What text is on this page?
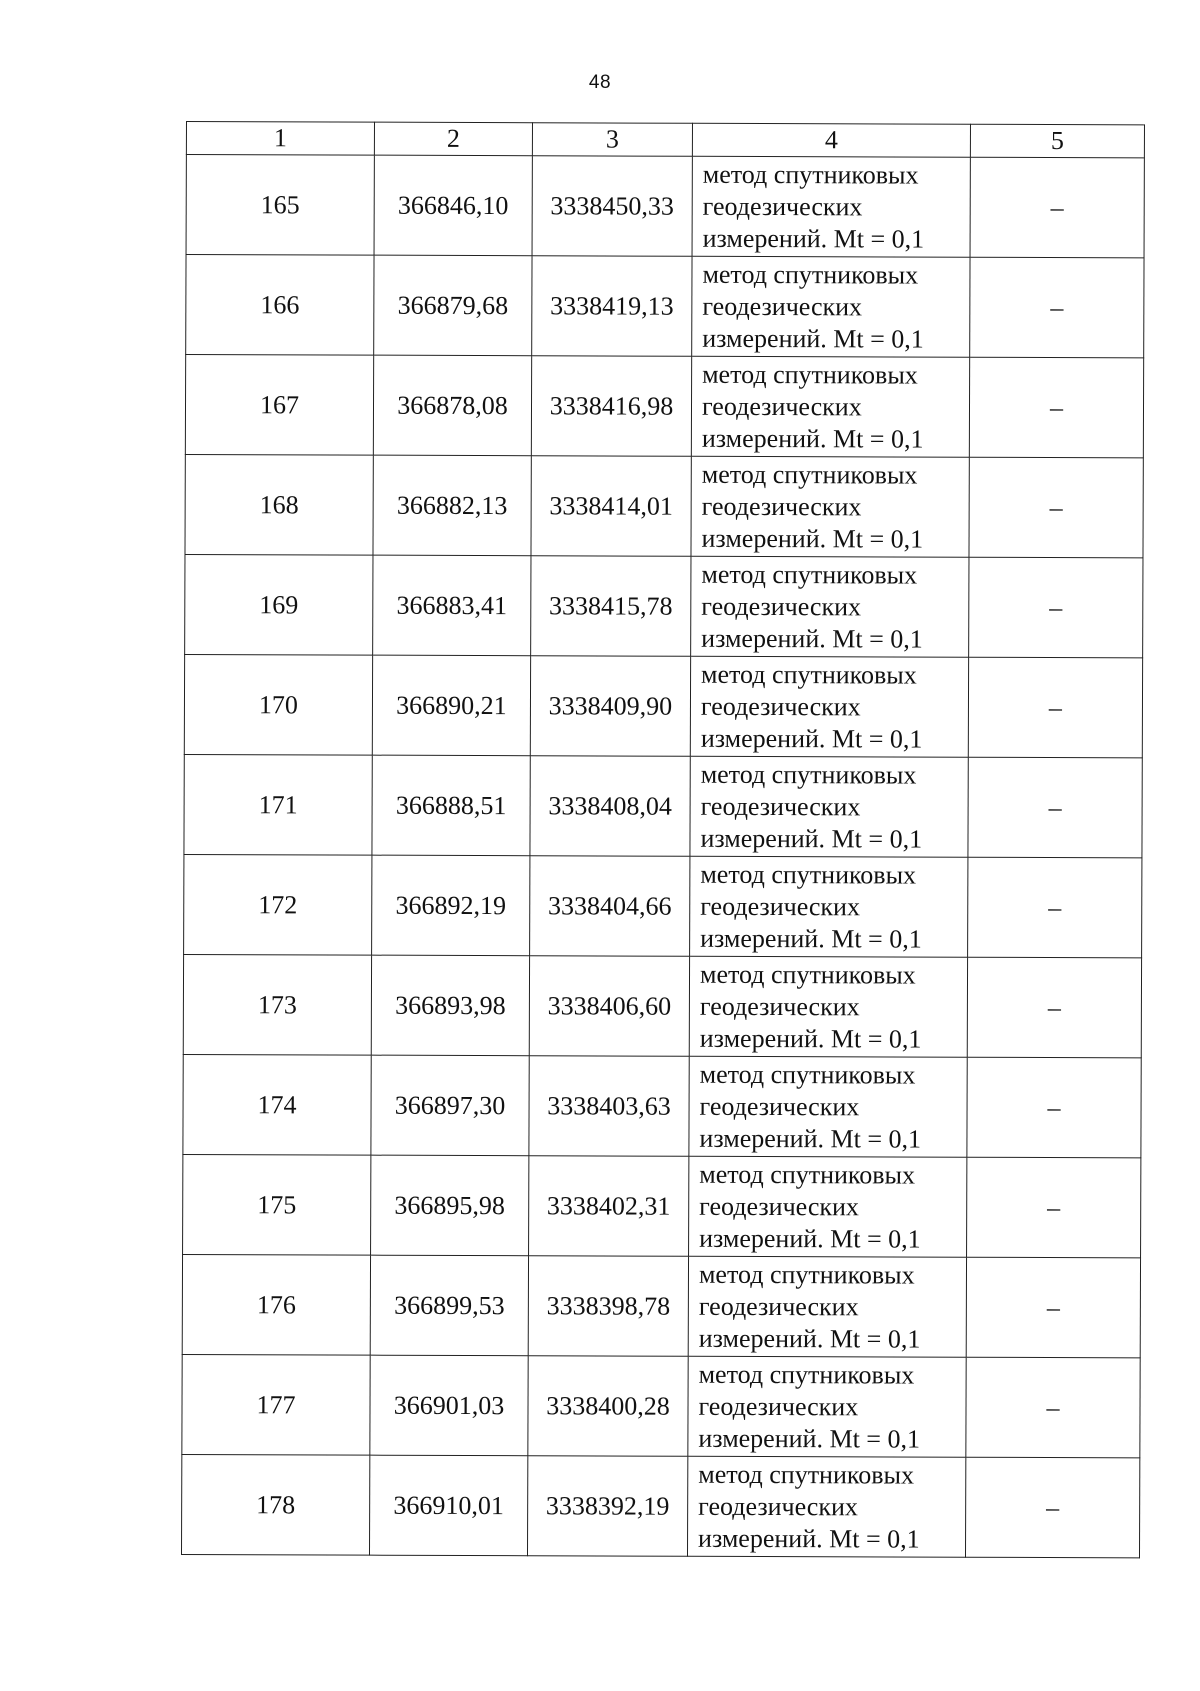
48
1	2	3	4	5
165	366846,10	3338450,33	метод спутниковых
геодезических
измерений. Mt = 0,1	–
166	366879,68	3338419,13	метод спутниковых
геодезических
измерений. Mt = 0,1	–
167	366878,08	3338416,98	метод спутниковых
геодезических
измерений. Mt = 0,1	–
168	366882,13	3338414,01	метод спутниковых
геодезических
измерений. Mt = 0,1	–
169	366883,41	3338415,78	метод спутниковых
геодезических
измерений. Mt = 0,1	–
170	366890,21	3338409,90	метод спутниковых
геодезических
измерений. Mt = 0,1	–
171	366888,51	3338408,04	метод спутниковых
геодезических
измерений. Mt = 0,1	–
172	366892,19	3338404,66	метод спутниковых
геодезических
измерений. Mt = 0,1	–
173	366893,98	3338406,60	метод спутниковых
геодезических
измерений. Mt = 0,1	–
174	366897,30	3338403,63	метод спутниковых
геодезических
измерений. Mt = 0,1	–
175	366895,98	3338402,31	метод спутниковых
геодезических
измерений. Mt = 0,1	–
176	366899,53	3338398,78	метод спутниковых
геодезических
измерений. Mt = 0,1	–
177	366901,03	3338400,28	метод спутниковых
геодезических
измерений. Mt = 0,1	–
178	366910,01	3338392,19	метод спутниковых
геодезических
измерений. Mt = 0,1	–
